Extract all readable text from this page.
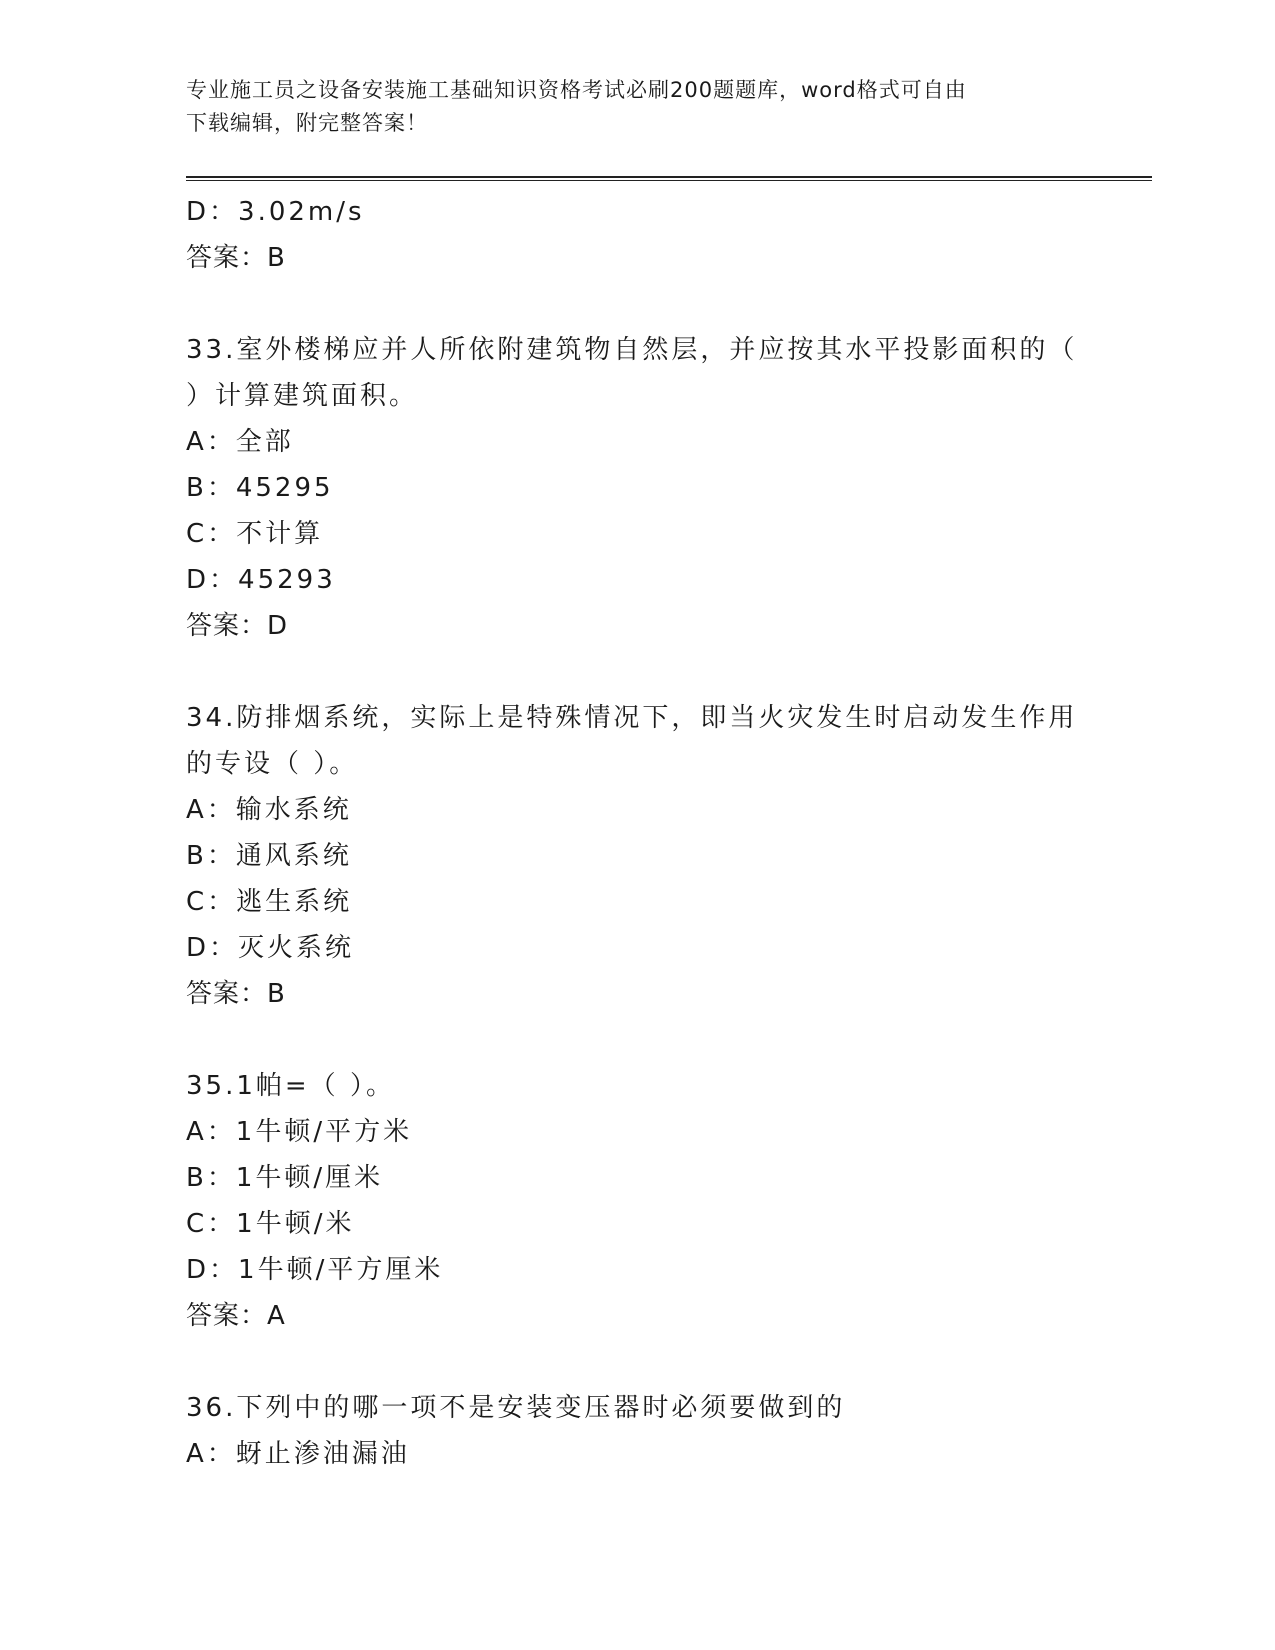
专业施工员之设备安装施工基础知识资格考试必刷200题题库，word格式可自由
下载编辑，附完整答案！
D：3.02m/s
答案：B
33.室外楼梯应并人所依附建筑物自然层，并应按其水平投影面积的（
）计算建筑面积。
A：全部
B：45295
C：不计算
D：45293
答案：D
34.防排烟系统，实际上是特殊情况下，即当火灾发生时启动发生作用
的专设（ ）。
A：输水系统
B：通风系统
C：逃生系统
D：灭火系统
答案：B
35.1帕=（ ）。
A：1牛顿/平方米
B：1牛顿/厘米
C：1牛顿/米
D：1牛顿/平方厘米
答案：A
36.下列中的哪一项不是安装变压器时必须要做到的
A：蚜止渗油漏油
